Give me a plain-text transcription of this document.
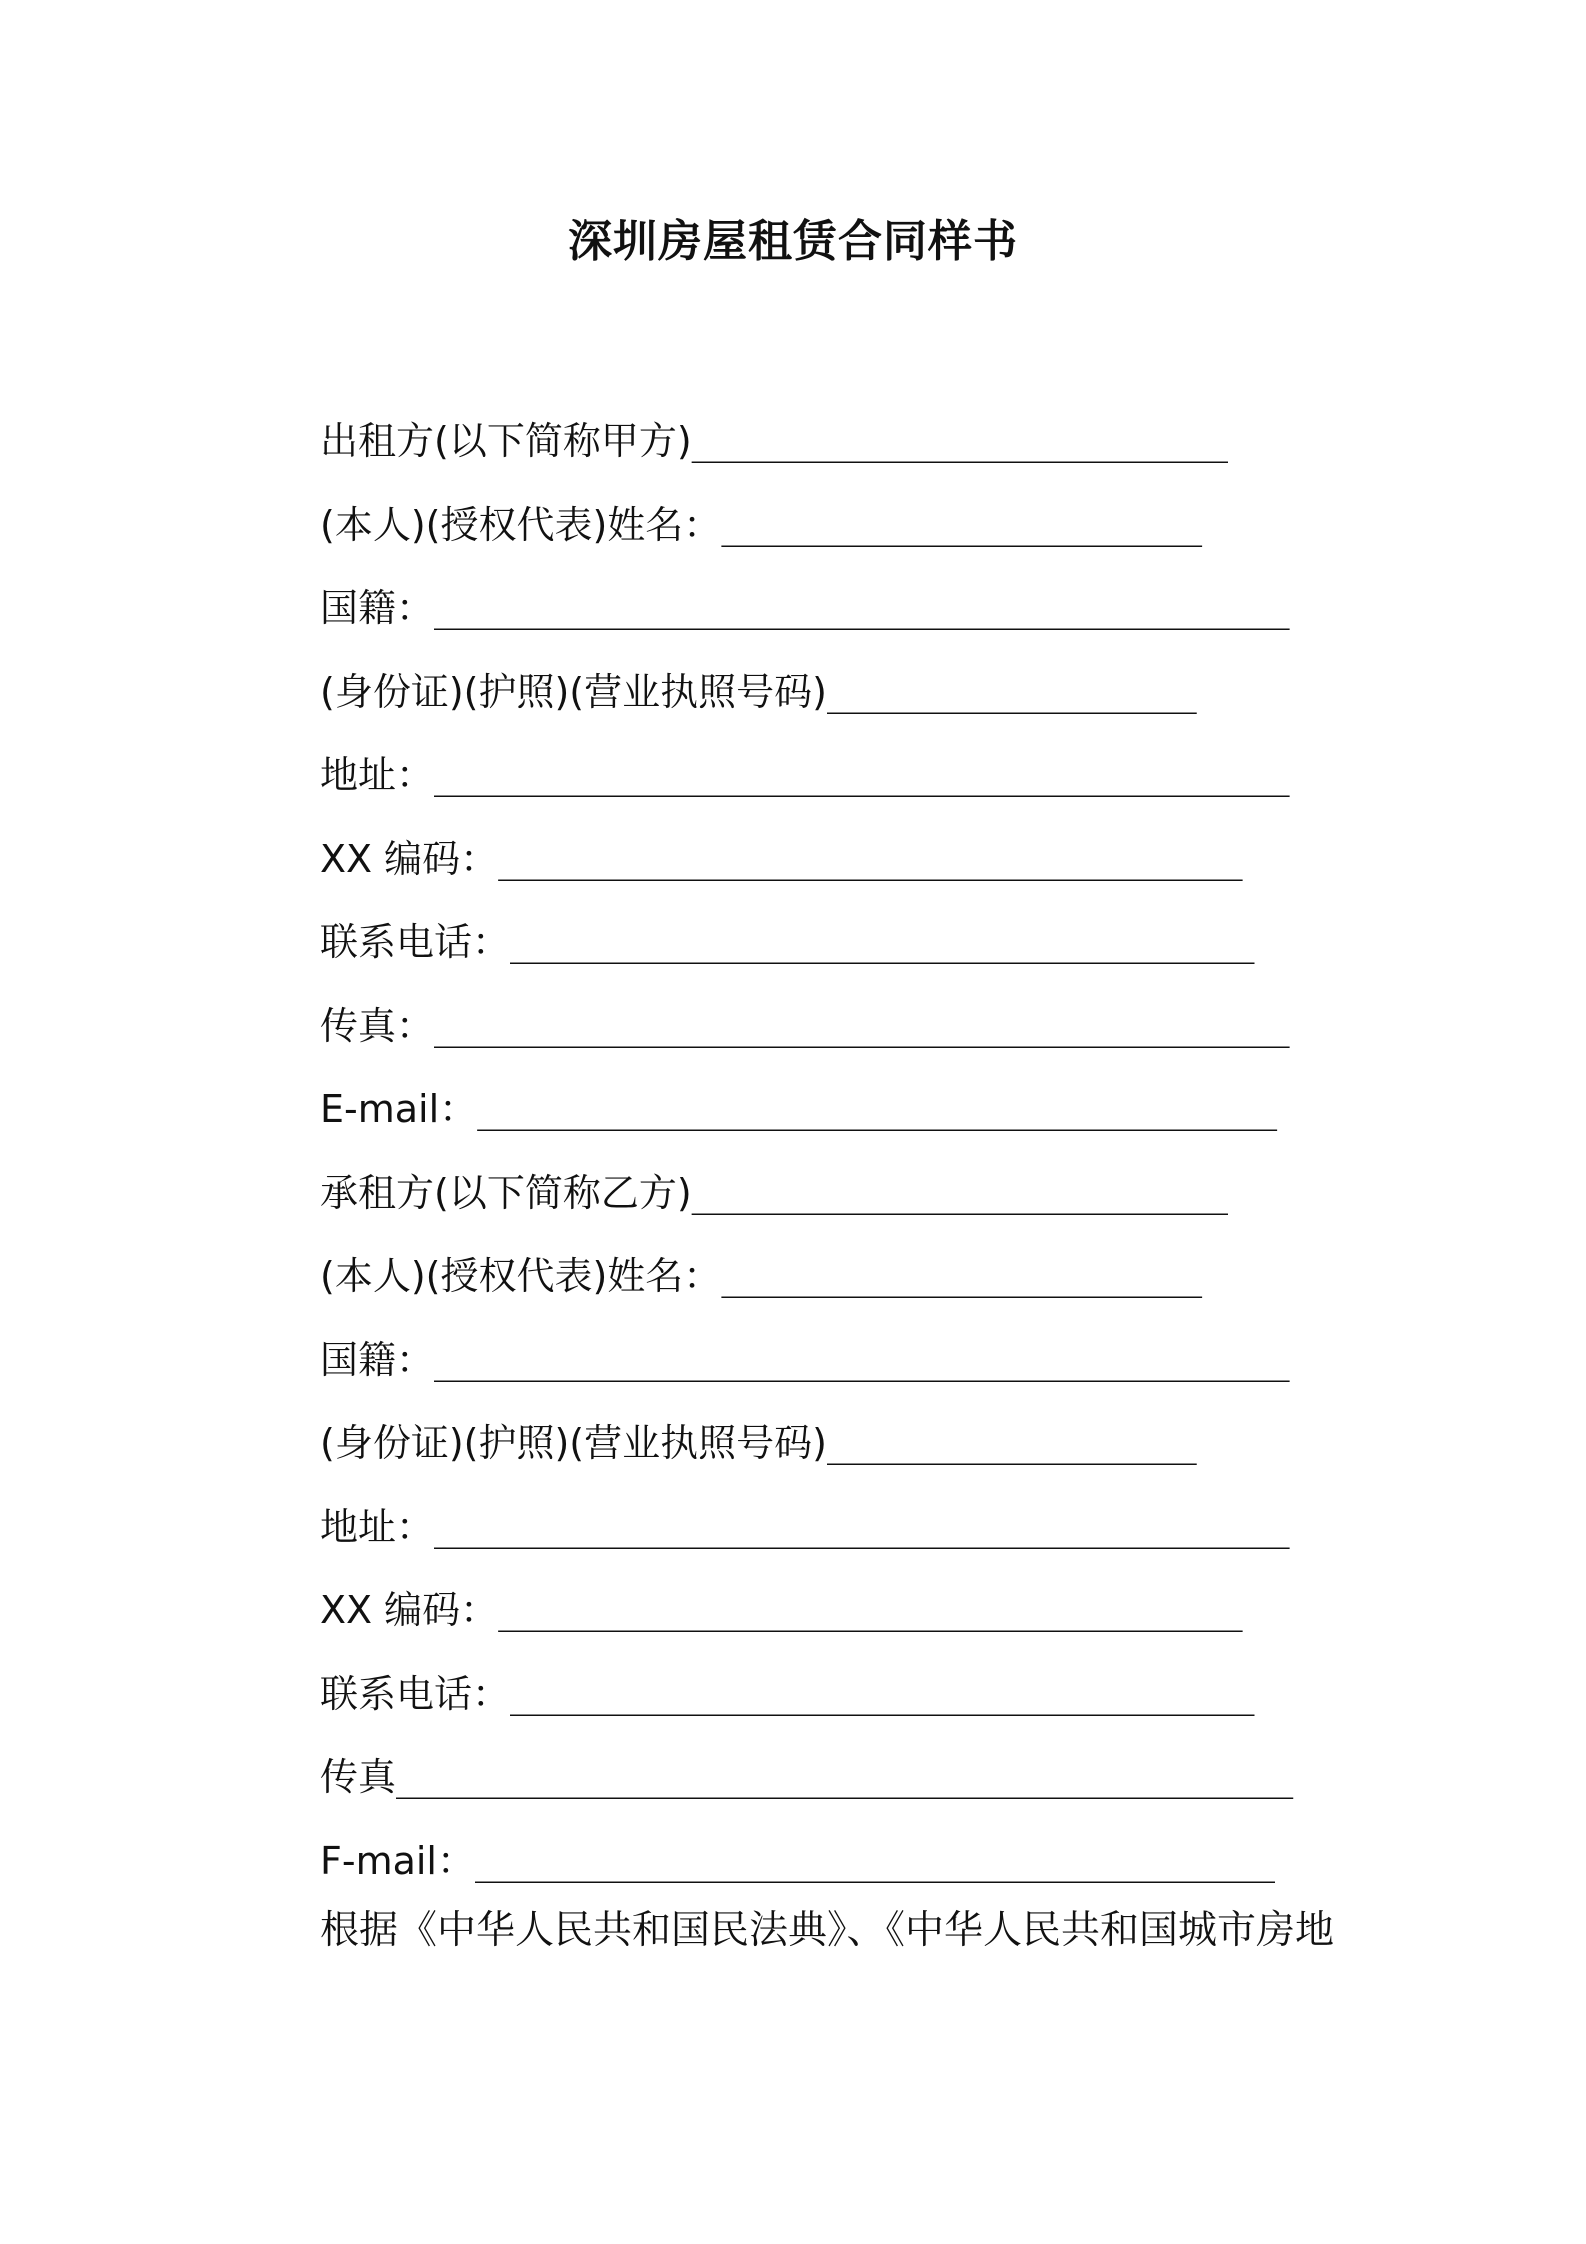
深圳房屋租赁合同样书
出租方(以下简称甲方)______________________________________
(本人)(授权代表)姓名：__________________________________
国籍：_____________________________________________________________
(身份证)(护照)(营业执照号码)__________________________
地址：_____________________________________________________________
XX 编码：_____________________________________________________
联系电话：_____________________________________________________
传真：_____________________________________________________________
E-mail：_________________________________________________________
承租方(以下简称乙方)______________________________________
(本人)(授权代表)姓名：__________________________________
国籍：_____________________________________________________________
(身份证)(护照)(营业执照号码)__________________________
地址：_____________________________________________________________
XX 编码：_____________________________________________________
联系电话：_____________________________________________________
传真________________________________________________________________
F-mail：_________________________________________________________
根据《中华人民共和国民法典》、《中华人民共和国城市房地
